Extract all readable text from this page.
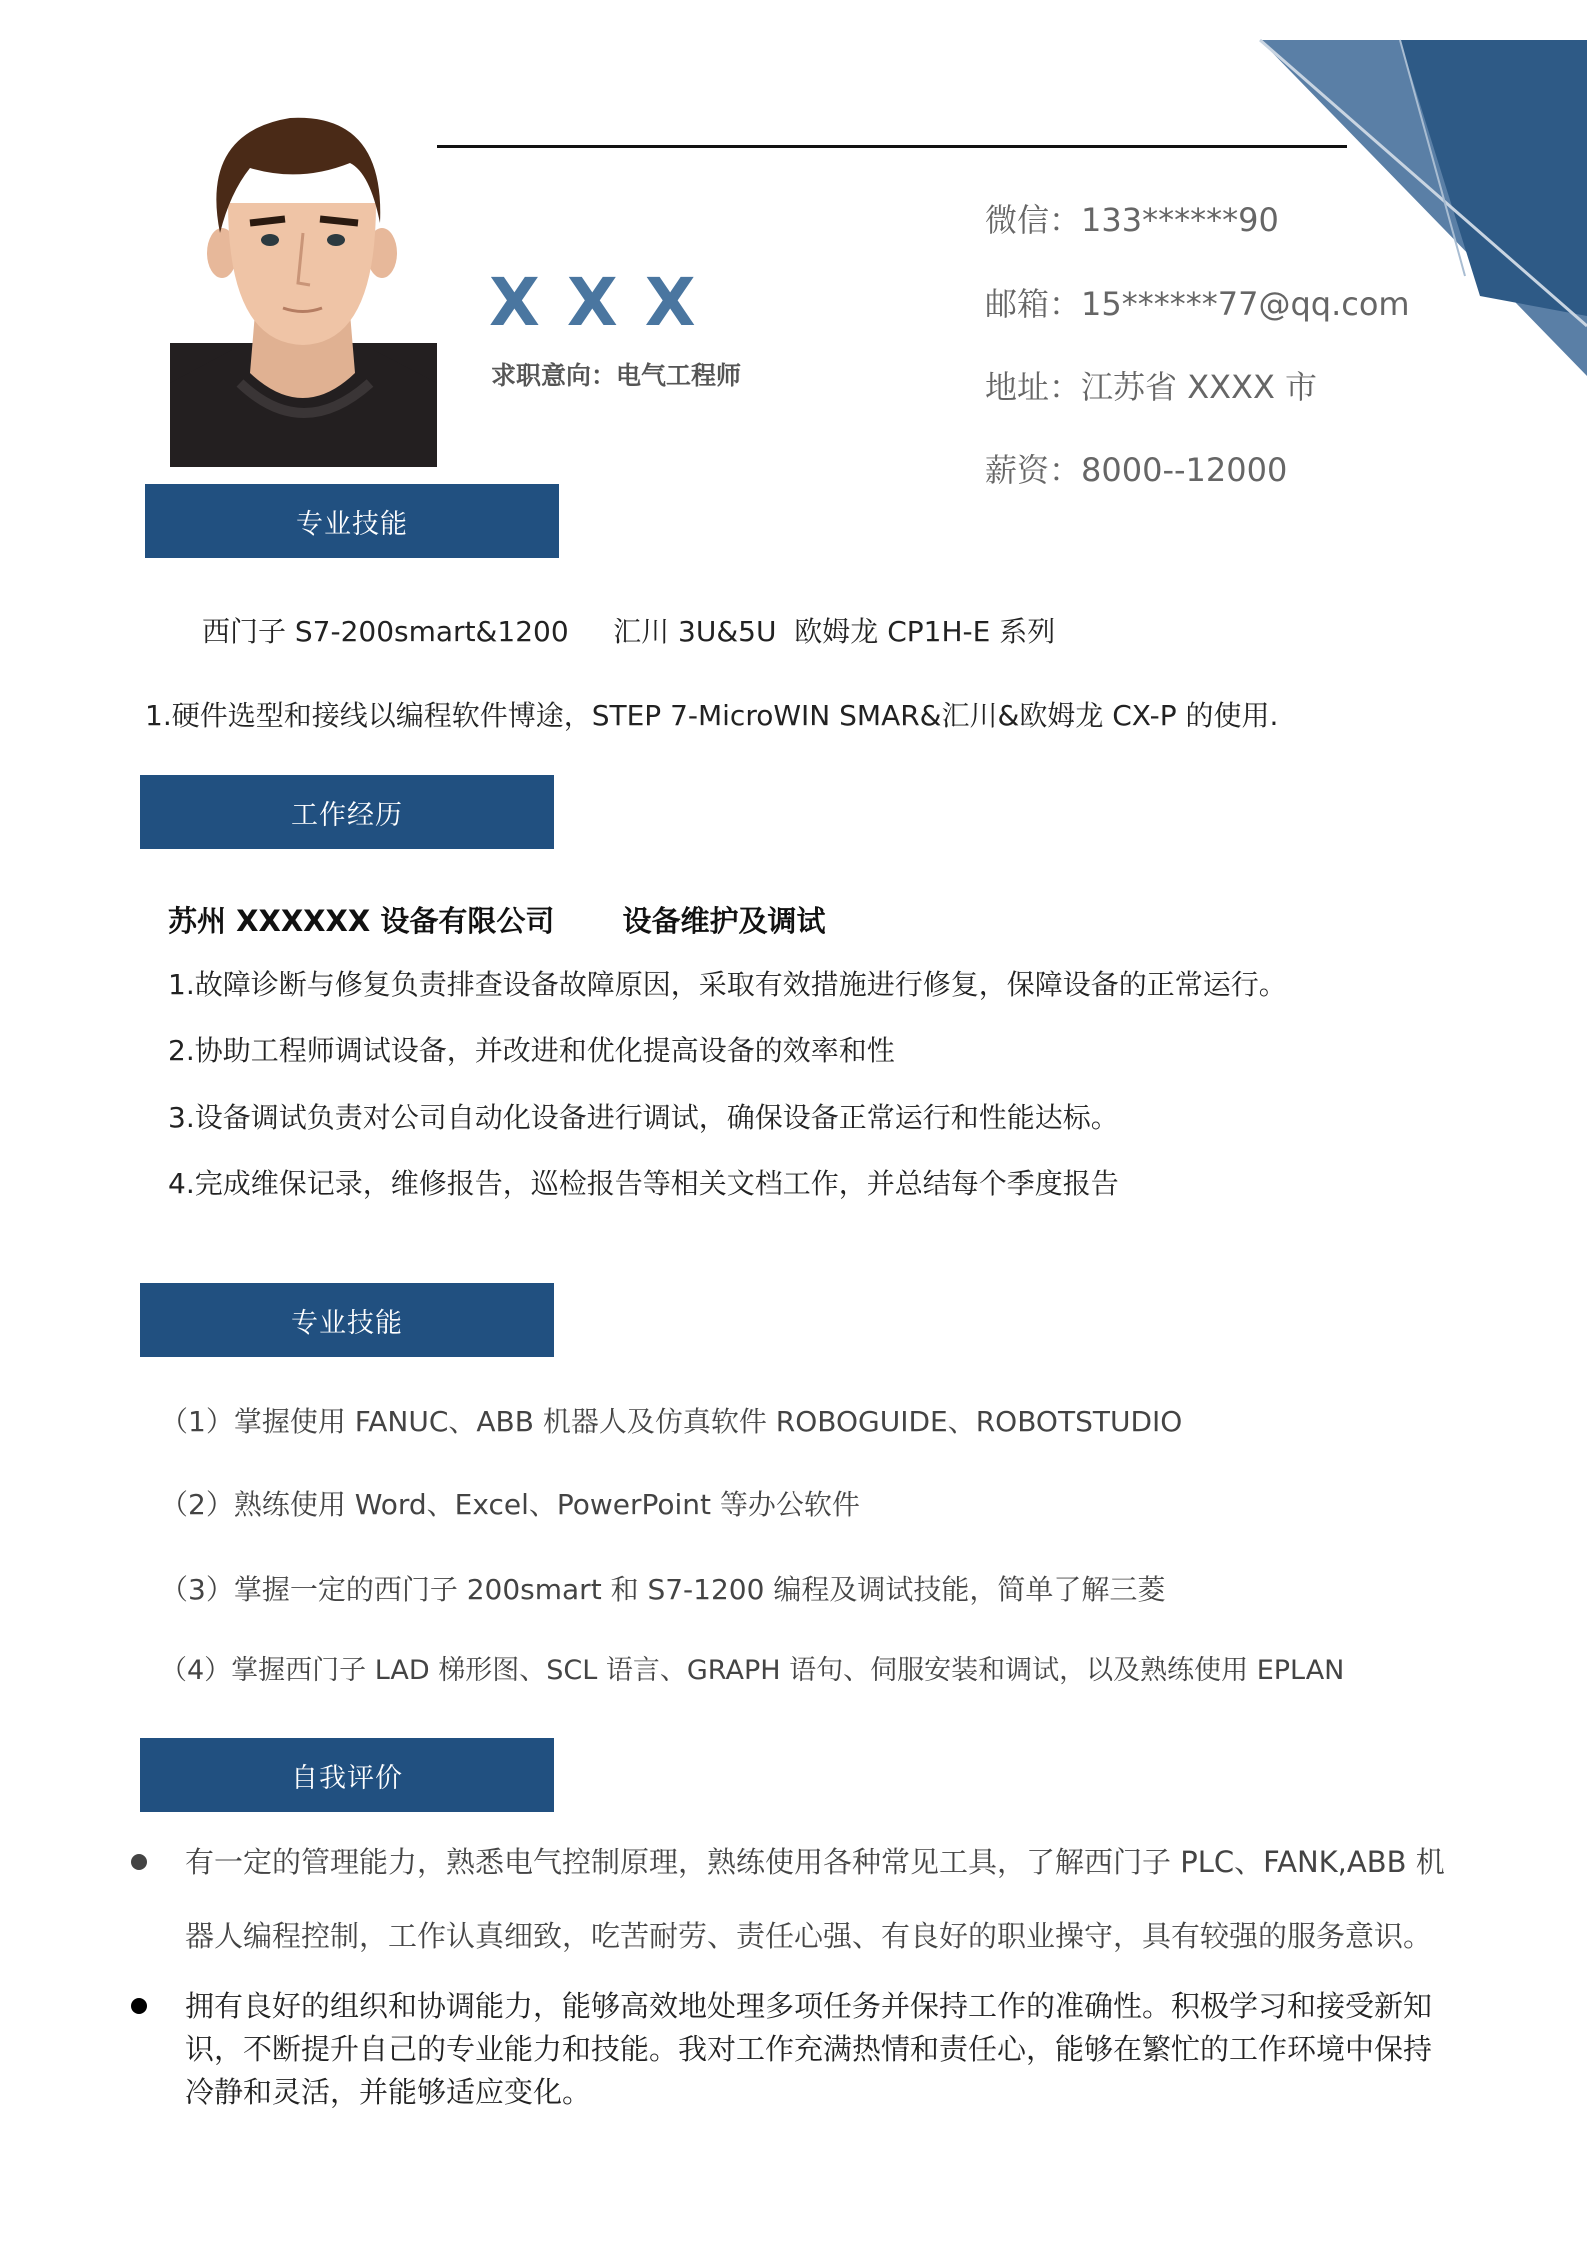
X X X
求职意向：电气工程师
微信：133******90
邮箱：15******77@qq.com
地址：江苏省 XXXX 市
薪资：8000--12000
专业技能
西门子 S7-200smart&1200     汇川 3U&5U  欧姆龙 CP1H-E 系列
1.硬件选型和接线以编程软件博途，STEP 7-MicroWIN SMAR&汇川&欧姆龙 CX-P 的使用.
工作经历
苏州 XXXXXX 设备有限公司 设备维护及调试
1.故障诊断与修复负责排查设备故障原因，采取有效措施进行修复，保障设备的正常运行。
2.协助工程师调试设备，并改进和优化提高设备的效率和性
3.设备调试负责对公司自动化设备进行调试，确保设备正常运行和性能达标。
4.完成维保记录，维修报告，巡检报告等相关文档工作，并总结每个季度报告
专业技能
（1）掌握使用 FANUC、ABB 机器人及仿真软件 ROBOGUIDE、ROBOTSTUDIO
（2）熟练使用 Word、Excel、PowerPoint 等办公软件
（3）掌握一定的西门子 200smart 和 S7-1200 编程及调试技能，简单了解三菱
（4）掌握西门子 LAD 梯形图、SCL 语言、GRAPH 语句、伺服安装和调试，以及熟练使用 EPLAN
自我评价
有一定的管理能力，熟悉电气控制原理，熟练使用各种常见工具，了解西门子 PLC、FANK,ABB 机
器人编程控制，工作认真细致，吃苦耐劳、责任心强、有良好的职业操守，具有较强的服务意识。
拥有良好的组织和协调能力，能够高效地处理多项任务并保持工作的准确性。积极学习和接受新知
识，不断提升自己的专业能力和技能。我对工作充满热情和责任心，能够在繁忙的工作环境中保持
冷静和灵活，并能够适应变化。
